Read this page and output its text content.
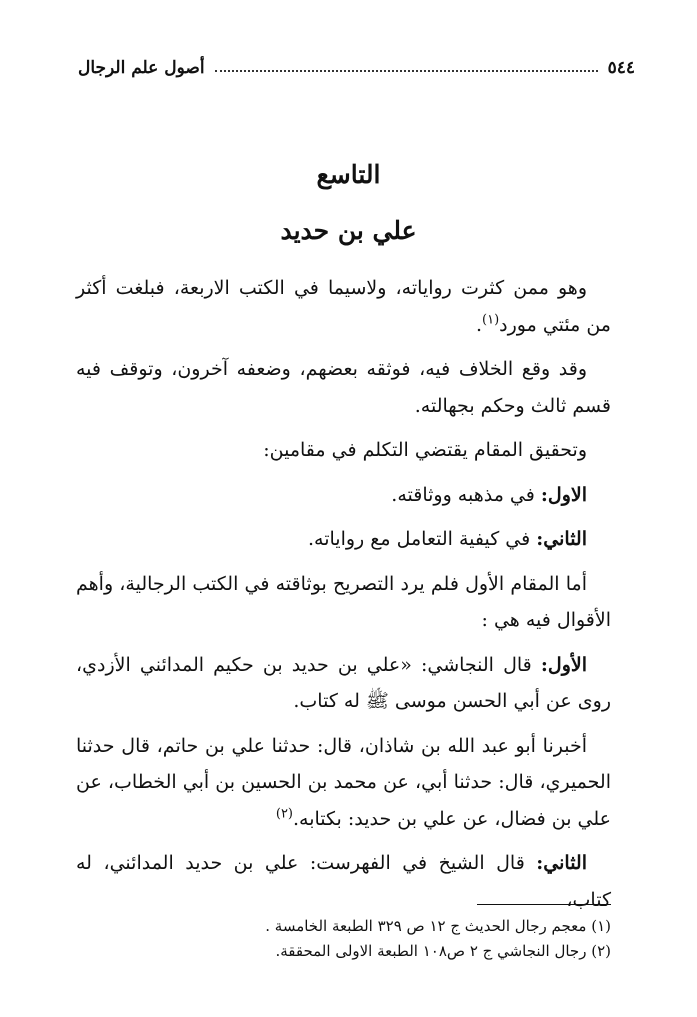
٥٤٤
أصول علم الرجال
التاسع
علي بن حديد

وهو ممن كثرت رواياته، ولاسيما في الكتب الاربعة، فبلغت أكثر من مئتي مورد$^{(١)}$.

وقد وقع الخلاف فيه، فوثقه بعضهم، وضعفه آخرون، وتوقف فيه قسم ثالث وحكم بجهالته.

وتحقيق المقام يقتضي التكلم في مقامين:

الاول: في مذهبه ووثاقته.

الثاني: في كيفية التعامل مع رواياته.

أما المقام الأول فلم يرد التصريح بوثاقته في الكتب الرجالية، وأهم الأقوال فيه هي :

الأول: قال النجاشي: «علي بن حديد بن حكيم المدائني الأزدي، روى عن أبي الحسن موسى ﷺ له كتاب.

أخبرنا أبو عبد الله بن شاذان، قال: حدثنا علي بن حاتم، قال حدثنا الحميري، قال: حدثنا أبي، عن محمد بن الحسين بن أبي الخطاب، عن علي بن فضال، عن علي بن حديد: بكتابه.$^{(٢)}$

الثاني: قال الشيخ في الفهرست: علي بن حديد المدائني، له كتاب،

(١) معجم رجال الحديث ج ١٢ ص ٣٢٩ الطبعة الخامسة .
(٢) رجال النجاشي ج ٢ ص١٠٨ الطبعة الاولى المحققة.
